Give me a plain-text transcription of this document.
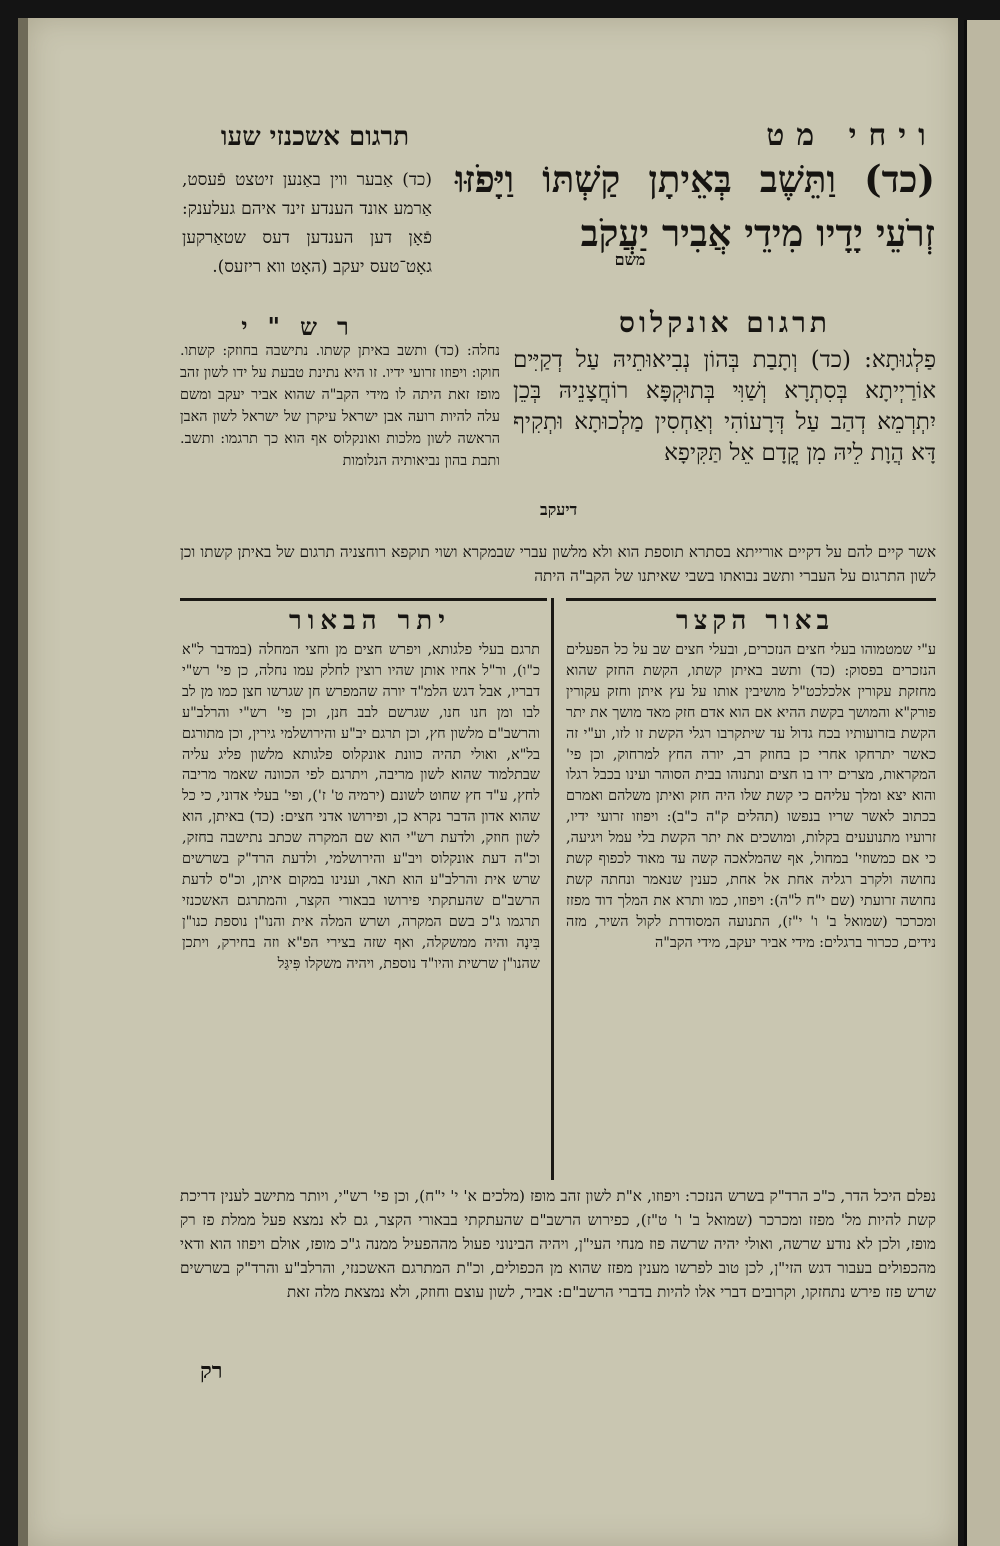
ויחי מט
תרגום אשכנזי שעו
(כד) וַתֵּשֶׁב בְּאֵיתָן קַשְׁתּוֹ וַיָּפֹזּוּ זְרֹעֵי יָדָיו מִידֵי אֲבִיר יַעֲקֹב
משם
(כד) אַבער ווין באַנען זיטצט פֿעסט, אַרמע אונד הענדע זינד איהם געלענק: פֿאָן דען הענדען דעס שטאַרקען גאָט־טעס יעקב (האָט ווא ריזעס).
תרגום אונקלוס
פַלְגוּתָא: (כד) וְתָבַת בְּהוֹן נְבִיאוּתֵיהּ עַל דְקַיִּים אוֹרַיְיתָא בְּסִתְרָא וְשַׁוִּי בְּתוּקְפָּא רוֹחֲצָנֵיהּ בְּכֵן יִתְרְמֵא דְהַב עַל דְּרָעוֹהִי וְאַחְסִין מַלְכוּתָא וּתְקִיף דָּא הֲוָת לֵיהּ מִן קֳדָם אֵל תַּקִּיפָא
דיעקב
רש"י
נחלה: (כד) ותשב באיתן קשתו. נתישבה בחוזק: קשתו. חוקו: ויפוזו זרועי ידיו. זו היא נתינת טבעת על ידו לשון זהב מופז זאת היתה לו מידי הקב"ה שהוא אביר יעקב ומשם עלה להיות רועה אבן ישראל עיקרן של ישראל לשון האבן הראשה לשון מלכות ואונקלוס אף הוא כך תרגמו: ותשב. ותבת בהון נביאותיה הנלומות
אשר קיים להם על דקיים אורייתא בסתרא תוספת הוא ולא מלשון עברי שבמקרא ושוי תוקפא רוחצניה תרגום של באיתן קשתו וכן לשון התרגום על העברי ותשב נבואתו בשבי שאיתנו של הקב"ה היתה
באור הקצר
ע"י שמטמוהו בעלי חצים הנזכרים, ובעלי חצים שב על כל הפעלים הנזכרים בפסוק: (כד) ותשב באיתן קשתו, הקשת החזק שהוא מחזקת עקורין אלכלכט"ל מושיבין אותו על עץ איתן וחזק עקורין פורק"א והמושך בקשת ההיא אם הוא אדם חזק מאד מושך את יתר הקשת בזרועותיו בכח גדול עד שיתקרבו רגלי הקשת זו לזו, וע"י זה כאשר יתרחקו אחרי כן בחוזק רב, יורה החץ למרחוק, וכן פי' המקראות, מצרים ירו בו חצים ונתנוהו בבית הסוהר ועינו בכבל רגלו והוא יצא ומלך עליהם כי קשת שלו היה חזק ואיתן משלהם ואמרם בכתוב לאשר שריו בנפשו (תהלים ק"ה כ"ב): ויפוזו זרועי ידיו, זרועיו מתנועעים בקלות, ומושכים את יתר הקשת בלי עמל ויגיעה, כי אם כמשוזי' במחול, אף שהמלאכה קשה עד מאוד לכפוף קשת נחושה ולקרב רגליה אחת אל אחת, כענין שנאמר ונחתה קשת נחושה זרועתי (שם י"ח ל"ה): ויפוזו, כמו ותרא את המלך דוד מפזז ומכרכר (שמואל ב' ו' י"ז), התנועה המסודרת לקול השיר, מזה נידים, ככרור ברגלים: מידי אביר יעקב, מידי הקב"ה
יתר הבאור
תרגם בעלי פלגותא, ויפרש חצים מן וחצי המחלה (במדבר ל"א כ"ו), ור"ל אחיו אותן שהיו רוצין לחלק עמו נחלה, כן פי' רש"י דבריו, אבל דגש הלמ"ד יורה שהמפרש חן שגרשו חצן כמו מן לב לבו ומן חנו חנו, שגרשם לבב חנן, וכן פי' רש"י והרלב"ע והרשב"ם מלשון חץ, וכן תרגם יב"ע והירושלמי גירין, וכן מתורגם בל"א, ואולי תהיה כוונת אונקלוס פלגותא מלשון פליג עליה שבתלמוד שהוא לשון מריבה, ויתרגם לפי הכוונה שאמר מריבה לחץ, ע"ד חץ שחוט לשונם (ירמיה ט' ז'), ופי' בעלי אדוני, כי כל שהוא אדון הדבר נקרא כן, ופירושו אדני חצים: (כד) באיתן, הוא לשון חוזק, ולדעת רש"י הוא שם המקרה שכתב נתישבה בחזק, וכ"ה דעת אונקלוס ויב"ע והירושלמי, ולדעת הרד"ק בשרשים שרש אית והרלב"ע הוא תאר, וענינו במקום איתן, וכ"ס לדעת הרשב"ם שהעתקתי פירושו בבאורי הקצר, והמתרגם האשכנזי תרגמו ג"כ בשם המקרה, ושרש המלה אית והנו"ן נוספת כנו"ן בִּינָה והיה ממשקלה, ואף שזה בצירי הפ"א וזה בחירק, ויתכן שהנו"ן שרשית והיו"ד נוספת, ויהיה משקלו פִּיגַּל
נפלם היכל הדר, כ"כ הרד"ק בשרש הנזכר: ויפוזו, א"ת לשון זהב מופז (מלכים א' י' י"ח), וכן פי' רש"י, ויותר מתישב לענין דריכת קשת להיות מל' מפזז ומכרכר (שמואל ב' ו' ט"ז), כפירוש הרשב"ם שהעתקתי בבאורי הקצר, גם לא נמצא פעל ממלת פז רק מופז, ולכן לא נודע שרשה, ואולי יהיה שרשה פוז מנחי העי"ן, ויהיה הבינוני פעול מההפעיל ממנה ג"כ מופז, אולם ויפוזו הוא ודאי מהכפולים בעבור דגש הזי"ן, לכן טוב לפרשו מענין מפזז שהוא מן הכפולים, וכ"ת המתרגם האשכנזי, והרלב"ע והרד"ק בשרשים שרש פזז פירש נתחזקו, וקרובים דברי אלו להיות בדברי הרשב"ם: אביר, לשון עוצם וחוזק, ולא נמצאת מלה זאת
רק
